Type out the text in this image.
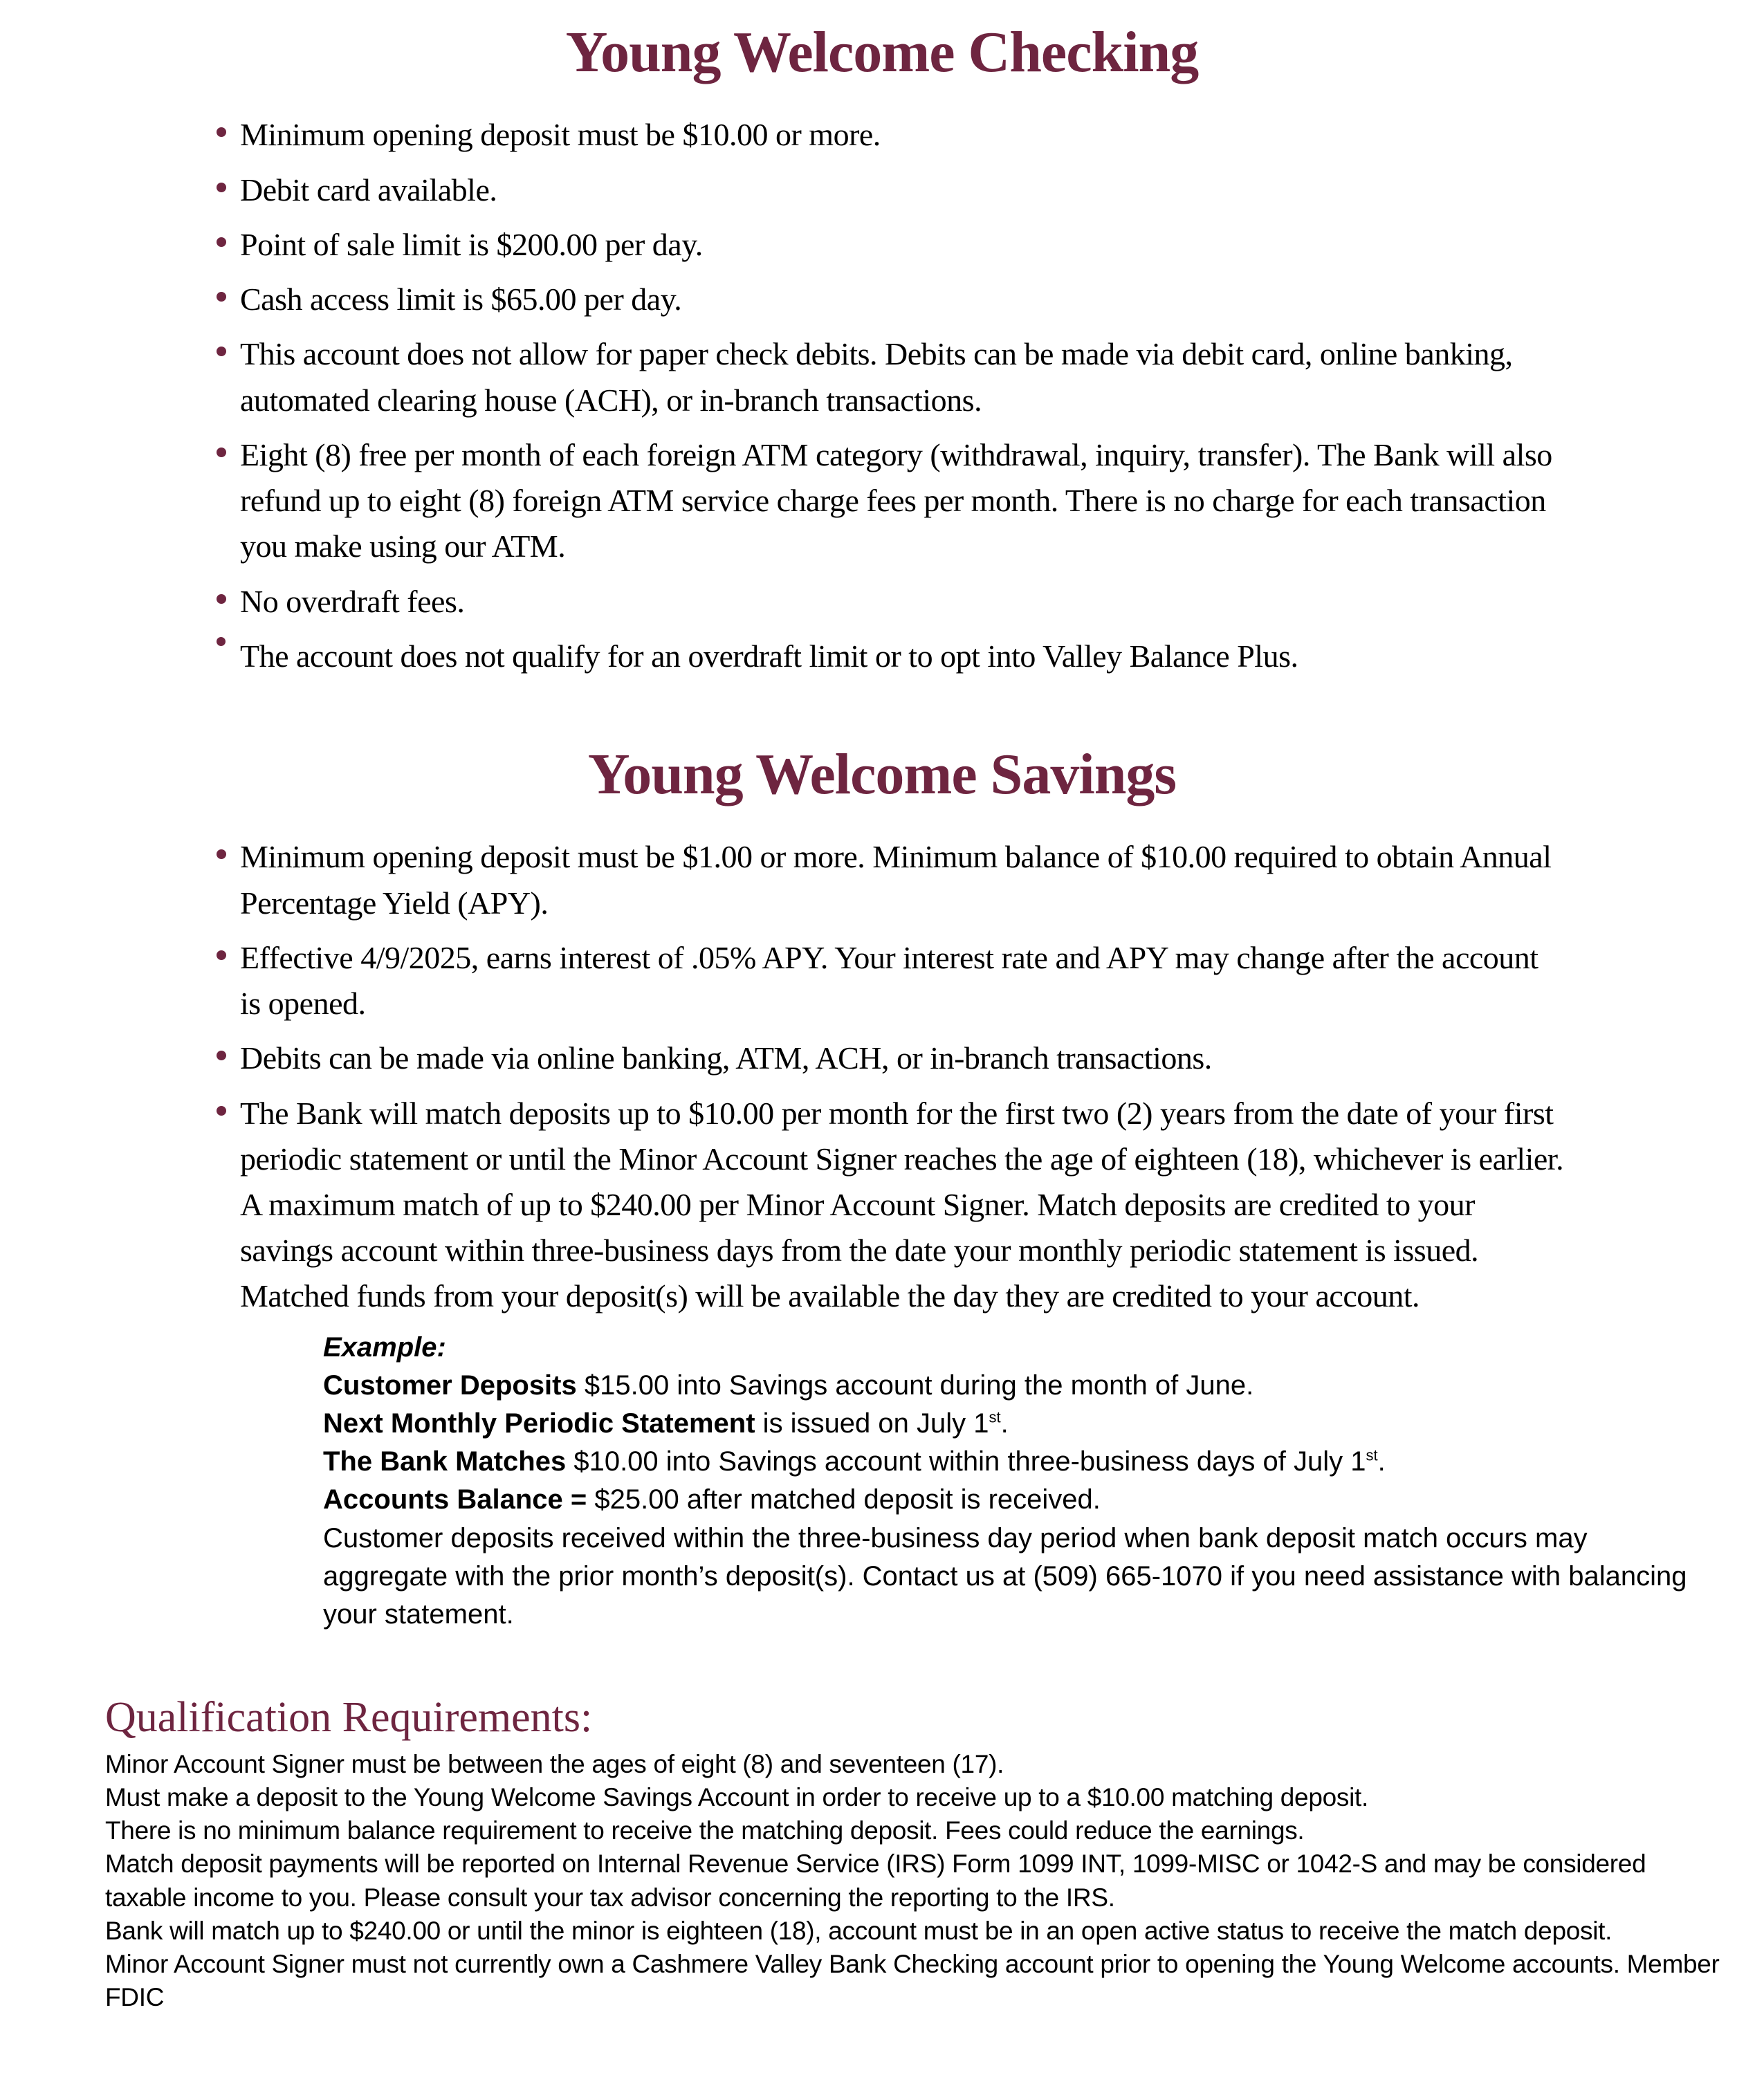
Young Welcome Checking
Minimum opening deposit must be $10.00 or more.
Debit card available.
Point of sale limit is $200.00 per day.
Cash access limit is $65.00 per day.
This account does not allow for paper check debits. Debits can be made via debit card, online banking, automated clearing house (ACH), or in-branch transactions.
Eight (8) free per month of each foreign ATM category (withdrawal, inquiry, transfer). The Bank will also refund up to eight (8) foreign ATM service charge fees per month. There is no charge for each transaction you make using our ATM.
No overdraft fees.
The account does not qualify for an overdraft limit or to opt into Valley Balance Plus.
Young Welcome Savings
Minimum opening deposit must be $1.00 or more. Minimum balance of $10.00 required to obtain Annual Percentage Yield (APY).
Effective 4/9/2025, earns interest of .05% APY. Your interest rate and APY may change after the account is opened.
Debits can be made via online banking, ATM, ACH, or in-branch transactions.
The Bank will match deposits up to $10.00 per month for the first two (2) years from the date of your first periodic statement or until the Minor Account Signer reaches the age of eighteen (18), whichever is earlier. A maximum match of up to $240.00 per Minor Account Signer. Match deposits are credited to your savings account within three-business days from the date your monthly periodic statement is issued. Matched funds from your deposit(s) will be available the day they are credited to your account.
Example:
Customer Deposits $15.00 into Savings account during the month of June.
Next Monthly Periodic Statement is issued on July 1st.
The Bank Matches $10.00 into Savings account within three-business days of July 1st.
Accounts Balance = $25.00 after matched deposit is received.
Customer deposits received within the three-business day period when bank deposit match occurs may aggregate with the prior month’s deposit(s). Contact us at (509) 665-1070 if you need assistance with balancing your statement.
Qualification Requirements:
Minor Account Signer must be between the ages of eight (8) and seventeen (17).
Must make a deposit to the Young Welcome Savings Account in order to receive up to a $10.00 matching deposit.
There is no minimum balance requirement to receive the matching deposit. Fees could reduce the earnings.
Match deposit payments will be reported on Internal Revenue Service (IRS) Form 1099 INT, 1099-MISC or 1042-S and may be considered taxable income to you. Please consult your tax advisor concerning the reporting to the IRS.
Bank will match up to $240.00 or until the minor is eighteen (18), account must be in an open active status to receive the match deposit.
Minor Account Signer must not currently own a Cashmere Valley Bank Checking account prior to opening the Young Welcome accounts. Member FDIC
